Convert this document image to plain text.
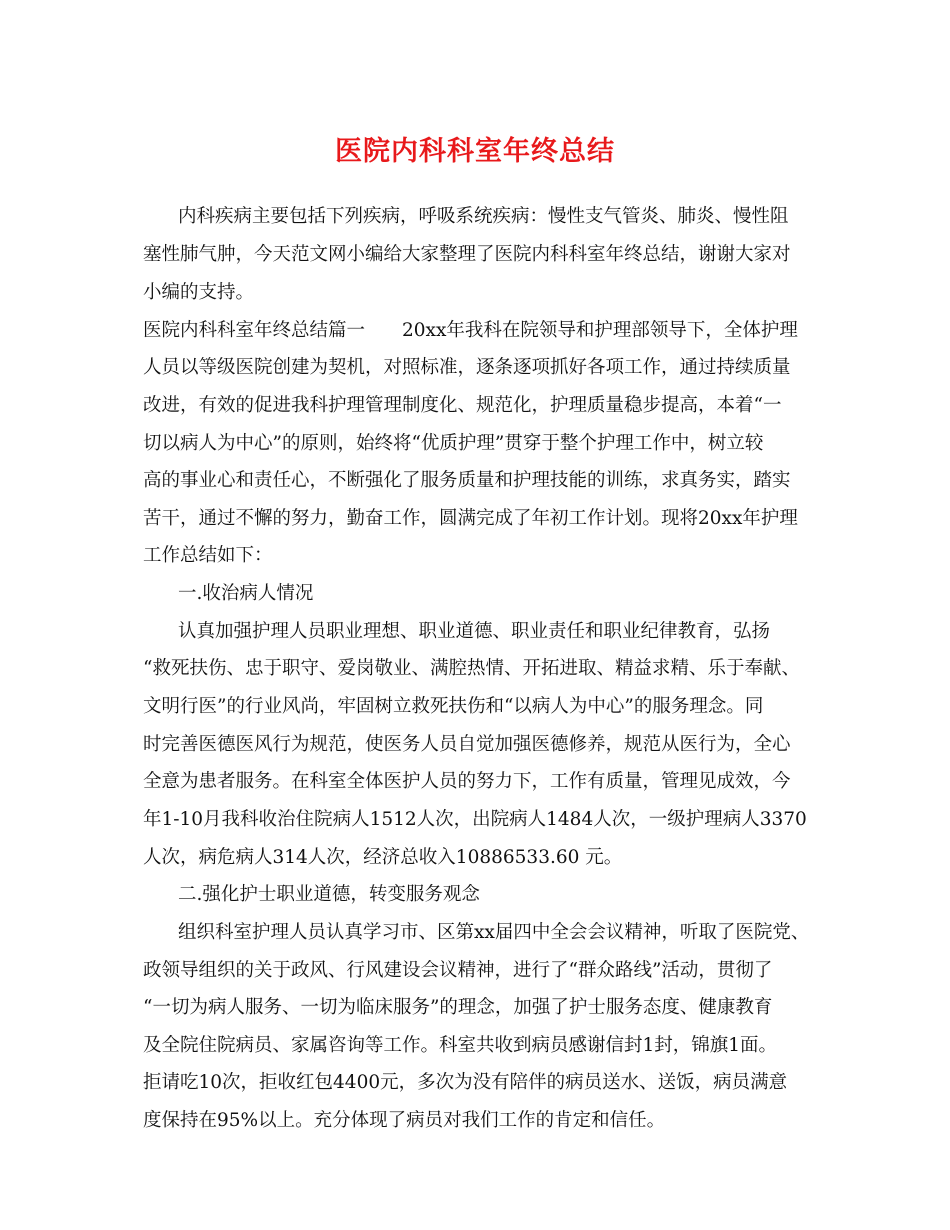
医院内科科室年终总结

内科疾病主要包括下列疾病，呼吸系统疾病：慢性支气管炎、肺炎、慢性阻

塞性肺气肿，今天范文网小编给大家整理了医院内科科室年终总结，谢谢大家对

小编的支持。

医院内科科室年终总结篇一　　20xx年我科在院领导和护理部领导下，全体护理

人员以等级医院创建为契机，对照标准，逐条逐项抓好各项工作，通过持续质量

改进，有效的促进我科护理管理制度化、规范化，护理质量稳步提高，本着“一

切以病人为中心”的原则，始终将“优质护理”贯穿于整个护理工作中，树立较

高的事业心和责任心，不断强化了服务质量和护理技能的训练，求真务实，踏实

苦干，通过不懈的努力，勤奋工作，圆满完成了年初工作计划。现将20xx年护理

工作总结如下：

一.收治病人情况

认真加强护理人员职业理想、职业道德、职业责任和职业纪律教育，弘扬

“救死扶伤、忠于职守、爱岗敬业、满腔热情、开拓进取、精益求精、乐于奉献、

文明行医”的行业风尚，牢固树立救死扶伤和“以病人为中心”的服务理念。同

时完善医德医风行为规范，使医务人员自觉加强医德修养，规范从医行为，全心

全意为患者服务。在科室全体医护人员的努力下，工作有质量，管理见成效，今

年1-10月我科收治住院病人1512人次，出院病人1484人次，一级护理病人3370

人次，病危病人314人次，经济总收入10886533.60 元。

二.强化护士职业道德，转变服务观念

组织科室护理人员认真学习市、区第xx届四中全会会议精神，听取了医院党、

政领导组织的关于政风、行风建设会议精神，进行了“群众路线”活动，贯彻了

“一切为病人服务、一切为临床服务”的理念，加强了护士服务态度、健康教育

及全院住院病员、家属咨询等工作。科室共收到病员感谢信封1封，锦旗1面。

拒请吃10次，拒收红包4400元，多次为没有陪伴的病员送水、送饭，病员满意

度保持在95%以上。充分体现了病员对我们工作的肯定和信任。
